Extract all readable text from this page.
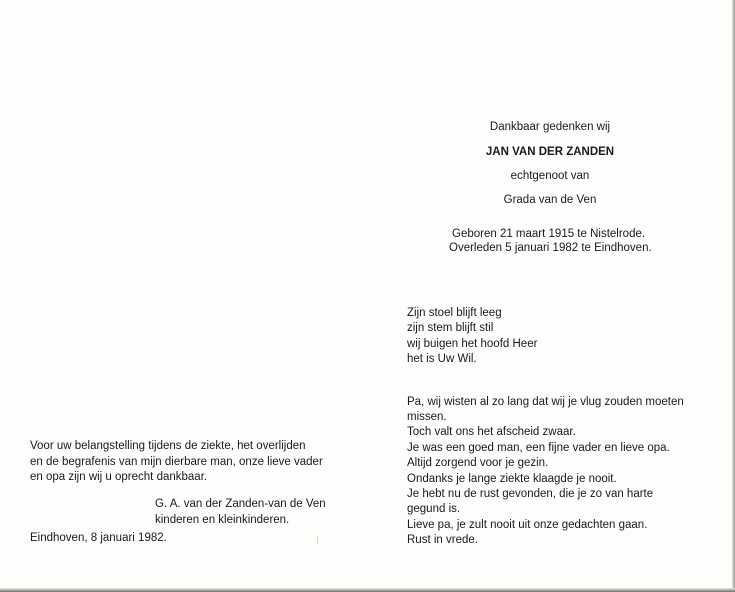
Dankbaar gedenken wij
JAN VAN DER ZANDEN
echtgenoot van
Grada van de Ven
Geboren 21 maart 1915 te Nistelrode.
Overleden 5 januari 1982 te Eindhoven.
Zijn stoel blijft leeg
zijn stem blijft stil
wij buigen het hoofd Heer
het is Uw Wil.
Pa, wij wisten al zo lang dat wij je vlug zouden moeten
missen.
Toch valt ons het afscheid zwaar.
Je was een goed man, een fijne vader en lieve opa.
Altijd zorgend voor je gezin.
Ondanks je lange ziekte klaagde je nooit.
Je hebt nu de rust gevonden, die je zo van harte
gegund is.
Lieve pa, je zult nooit uit onze gedachten gaan.
Rust in vrede.
Voor uw belangstelling tijdens de ziekte, het overlijden
en de begrafenis van mijn dierbare man, onze lieve vader
en opa zijn wij u oprecht dankbaar.
G. A. van der Zanden-van de Ven
kinderen en kleinkinderen.
Eindhoven, 8 januari 1982.
